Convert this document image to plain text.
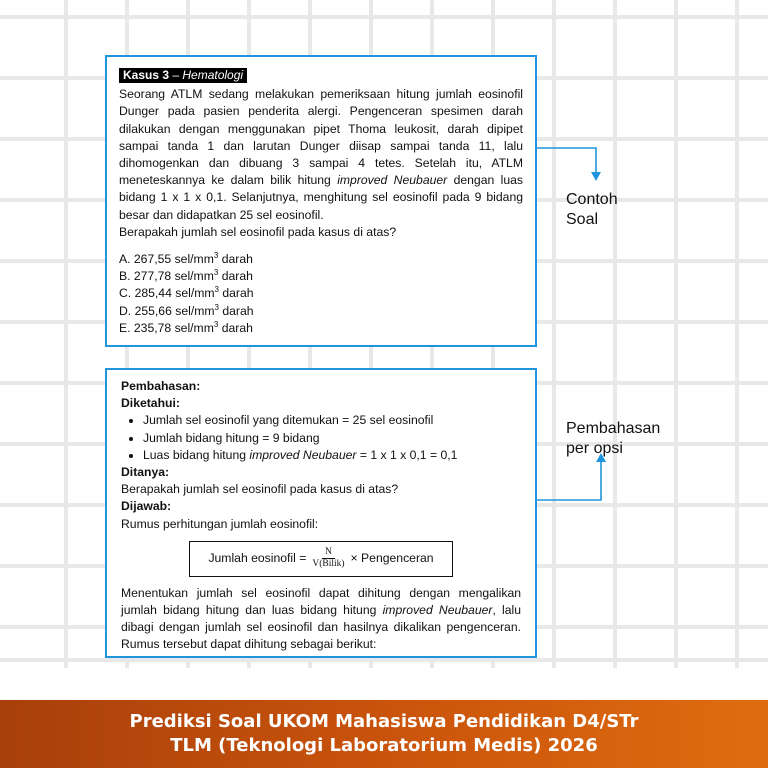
Kasus 3 – Hematologi

Seorang ATLM sedang melakukan pemeriksaan hitung jumlah eosinofil Dunger pada pasien penderita alergi. Pengenceran spesimen darah dilakukan dengan menggunakan pipet Thoma leukosit, darah dipipet sampai tanda 1 dan larutan Dunger diisap sampai tanda 11, lalu dihomogenkan dan dibuang 3 sampai 4 tetes. Setelah itu, ATLM meneteskannya ke dalam bilik hitung improved Neubauer dengan luas bidang 1 x 1 x 0,1. Selanjutnya, menghitung sel eosinofil pada 9 bidang besar dan didapatkan 25 sel eosinofil.

Berapakah jumlah sel eosinofil pada kasus di atas?

A. 267,55 sel/$mm^3$ darah
B. 277,78 sel/$mm^3$ darah
C. 285,44 sel/$mm^3$ darah
D. 255,66 sel/$mm^3$ darah
E. 235,78 sel/$mm^3$ darah

Pembahasan:

Diketahui:

• Jumlah sel eosinofil yang ditemukan = 25 sel eosinofil
• Jumlah bidang hitung = 9 bidang
• Luas bidang hitung improved Neubauer = 1 x 1 x 0,1 = 0,1

Ditanya:

Berapakah jumlah sel eosinofil pada kasus di atas?

Dijawab:

Rumus perhitungan jumlah eosinofil:

Jumlah eosinofil = $\frac{N}{\text{V(Bilik)}}$ × Pengenceran

Menentukan jumlah sel eosinofil dapat dihitung dengan mengalikan jumlah bidang hitung dan luas bidang hitung improved Neubauer, lalu dibagi dengan jumlah sel eosinofil dan hasilnya dikalikan pengenceran. Rumus tersebut dapat dihitung sebagai berikut:

Contoh
Soal
Pembahasan
per opsi
Prediksi Soal UKOM Mahasiswa Pendidikan D4/STr
TLM (Teknologi Laboratorium Medis) 2026
